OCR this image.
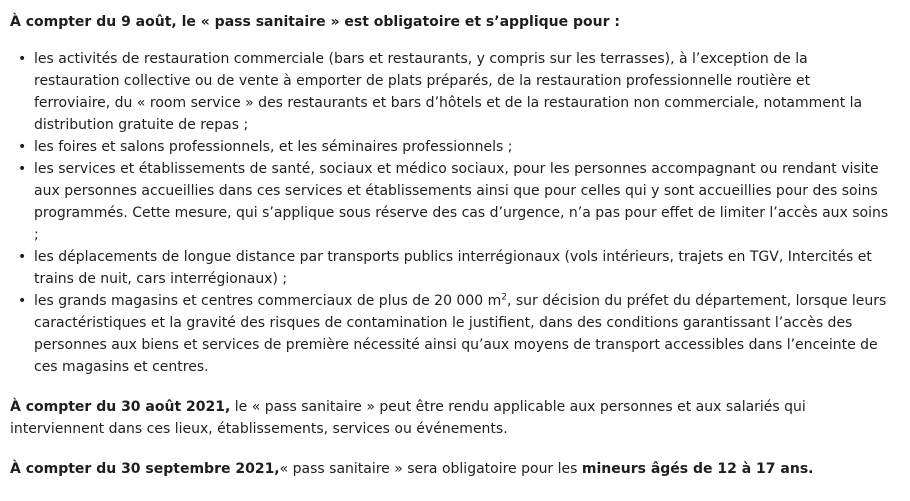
À compter du 9 août, le « pass sanitaire » est obligatoire et s’applique pour :

• les activités de restauration commerciale (bars et restaurants, y compris sur les terrasses), à l’exception de la restauration collective ou de vente à emporter de plats préparés, de la restauration professionnelle routière et ferroviaire, du « room service » des restaurants et bars d’hôtels et de la restauration non commerciale, notamment la distribution gratuite de repas ;
• les foires et salons professionnels, et les séminaires professionnels ;
• les services et établissements de santé, sociaux et médico sociaux, pour les personnes accompagnant ou rendant visite aux personnes accueillies dans ces services et établissements ainsi que pour celles qui y sont accueillies pour des soins programmés. Cette mesure, qui s’applique sous réserve des cas d’urgence, n’a pas pour effet de limiter l’accès aux soins ;
• les déplacements de longue distance par transports publics interrégionaux (vols intérieurs, trajets en TGV, Intercités et trains de nuit, cars interrégionaux) ;
• les grands magasins et centres commerciaux de plus de 20 000 $m^2$, sur décision du préfet du département, lorsque leurs caractéristiques et la gravité des risques de contamination le justifient, dans des conditions garantissant l’accès des personnes aux biens et services de première nécessité ainsi qu’aux moyens de transport accessibles dans l’enceinte de ces magasins et centres.

À compter du 30 août 2021, le « pass sanitaire » peut être rendu applicable aux personnes et aux salariés qui interviennent dans ces lieux, établissements, services ou événements.

À compter du 30 septembre 2021,« pass sanitaire » sera obligatoire pour les mineurs âgés de 12 à 17 ans.
